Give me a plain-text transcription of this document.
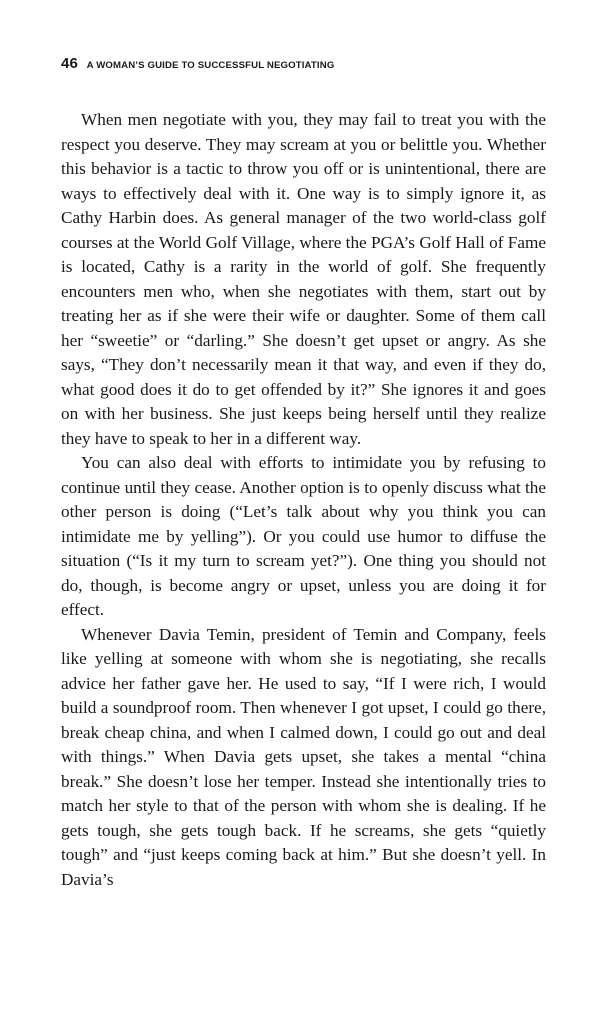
46 A WOMAN’S GUIDE TO SUCCESSFUL NEGOTIATING

When men negotiate with you, they may fail to treat you with the respect you deserve. They may scream at you or belittle you. Whether this behavior is a tactic to throw you off or is unintentional, there are ways to effectively deal with it. One way is to simply ignore it, as Cathy Harbin does. As general manager of the two world-class golf courses at the World Golf Village, where the PGA’s Golf Hall of Fame is located, Cathy is a rarity in the world of golf. She frequently encounters men who, when she negotiates with them, start out by treating her as if she were their wife or daughter. Some of them call her “sweetie” or “darling.” She doesn’t get upset or angry. As she says, “They don’t necessarily mean it that way, and even if they do, what good does it do to get offended by it?” She ignores it and goes on with her business. She just keeps being herself until they realize they have to speak to her in a different way.

You can also deal with efforts to intimidate you by refusing to continue until they cease. Another option is to openly discuss what the other person is doing (“Let’s talk about why you think you can intimidate me by yelling”). Or you could use humor to diffuse the situation (“Is it my turn to scream yet?”). One thing you should not do, though, is become angry or upset, unless you are doing it for effect.

Whenever Davia Temin, president of Temin and Company, feels like yelling at someone with whom she is negotiating, she recalls advice her father gave her. He used to say, “If I were rich, I would build a soundproof room. Then whenever I got upset, I could go there, break cheap china, and when I calmed down, I could go out and deal with things.” When Davia gets upset, she takes a mental “china break.” She doesn’t lose her temper. Instead she intentionally tries to match her style to that of the person with whom she is dealing. If he gets tough, she gets tough back. If he screams, she gets “quietly tough” and “just keeps coming back at him.” But she doesn’t yell. In Davia’s
